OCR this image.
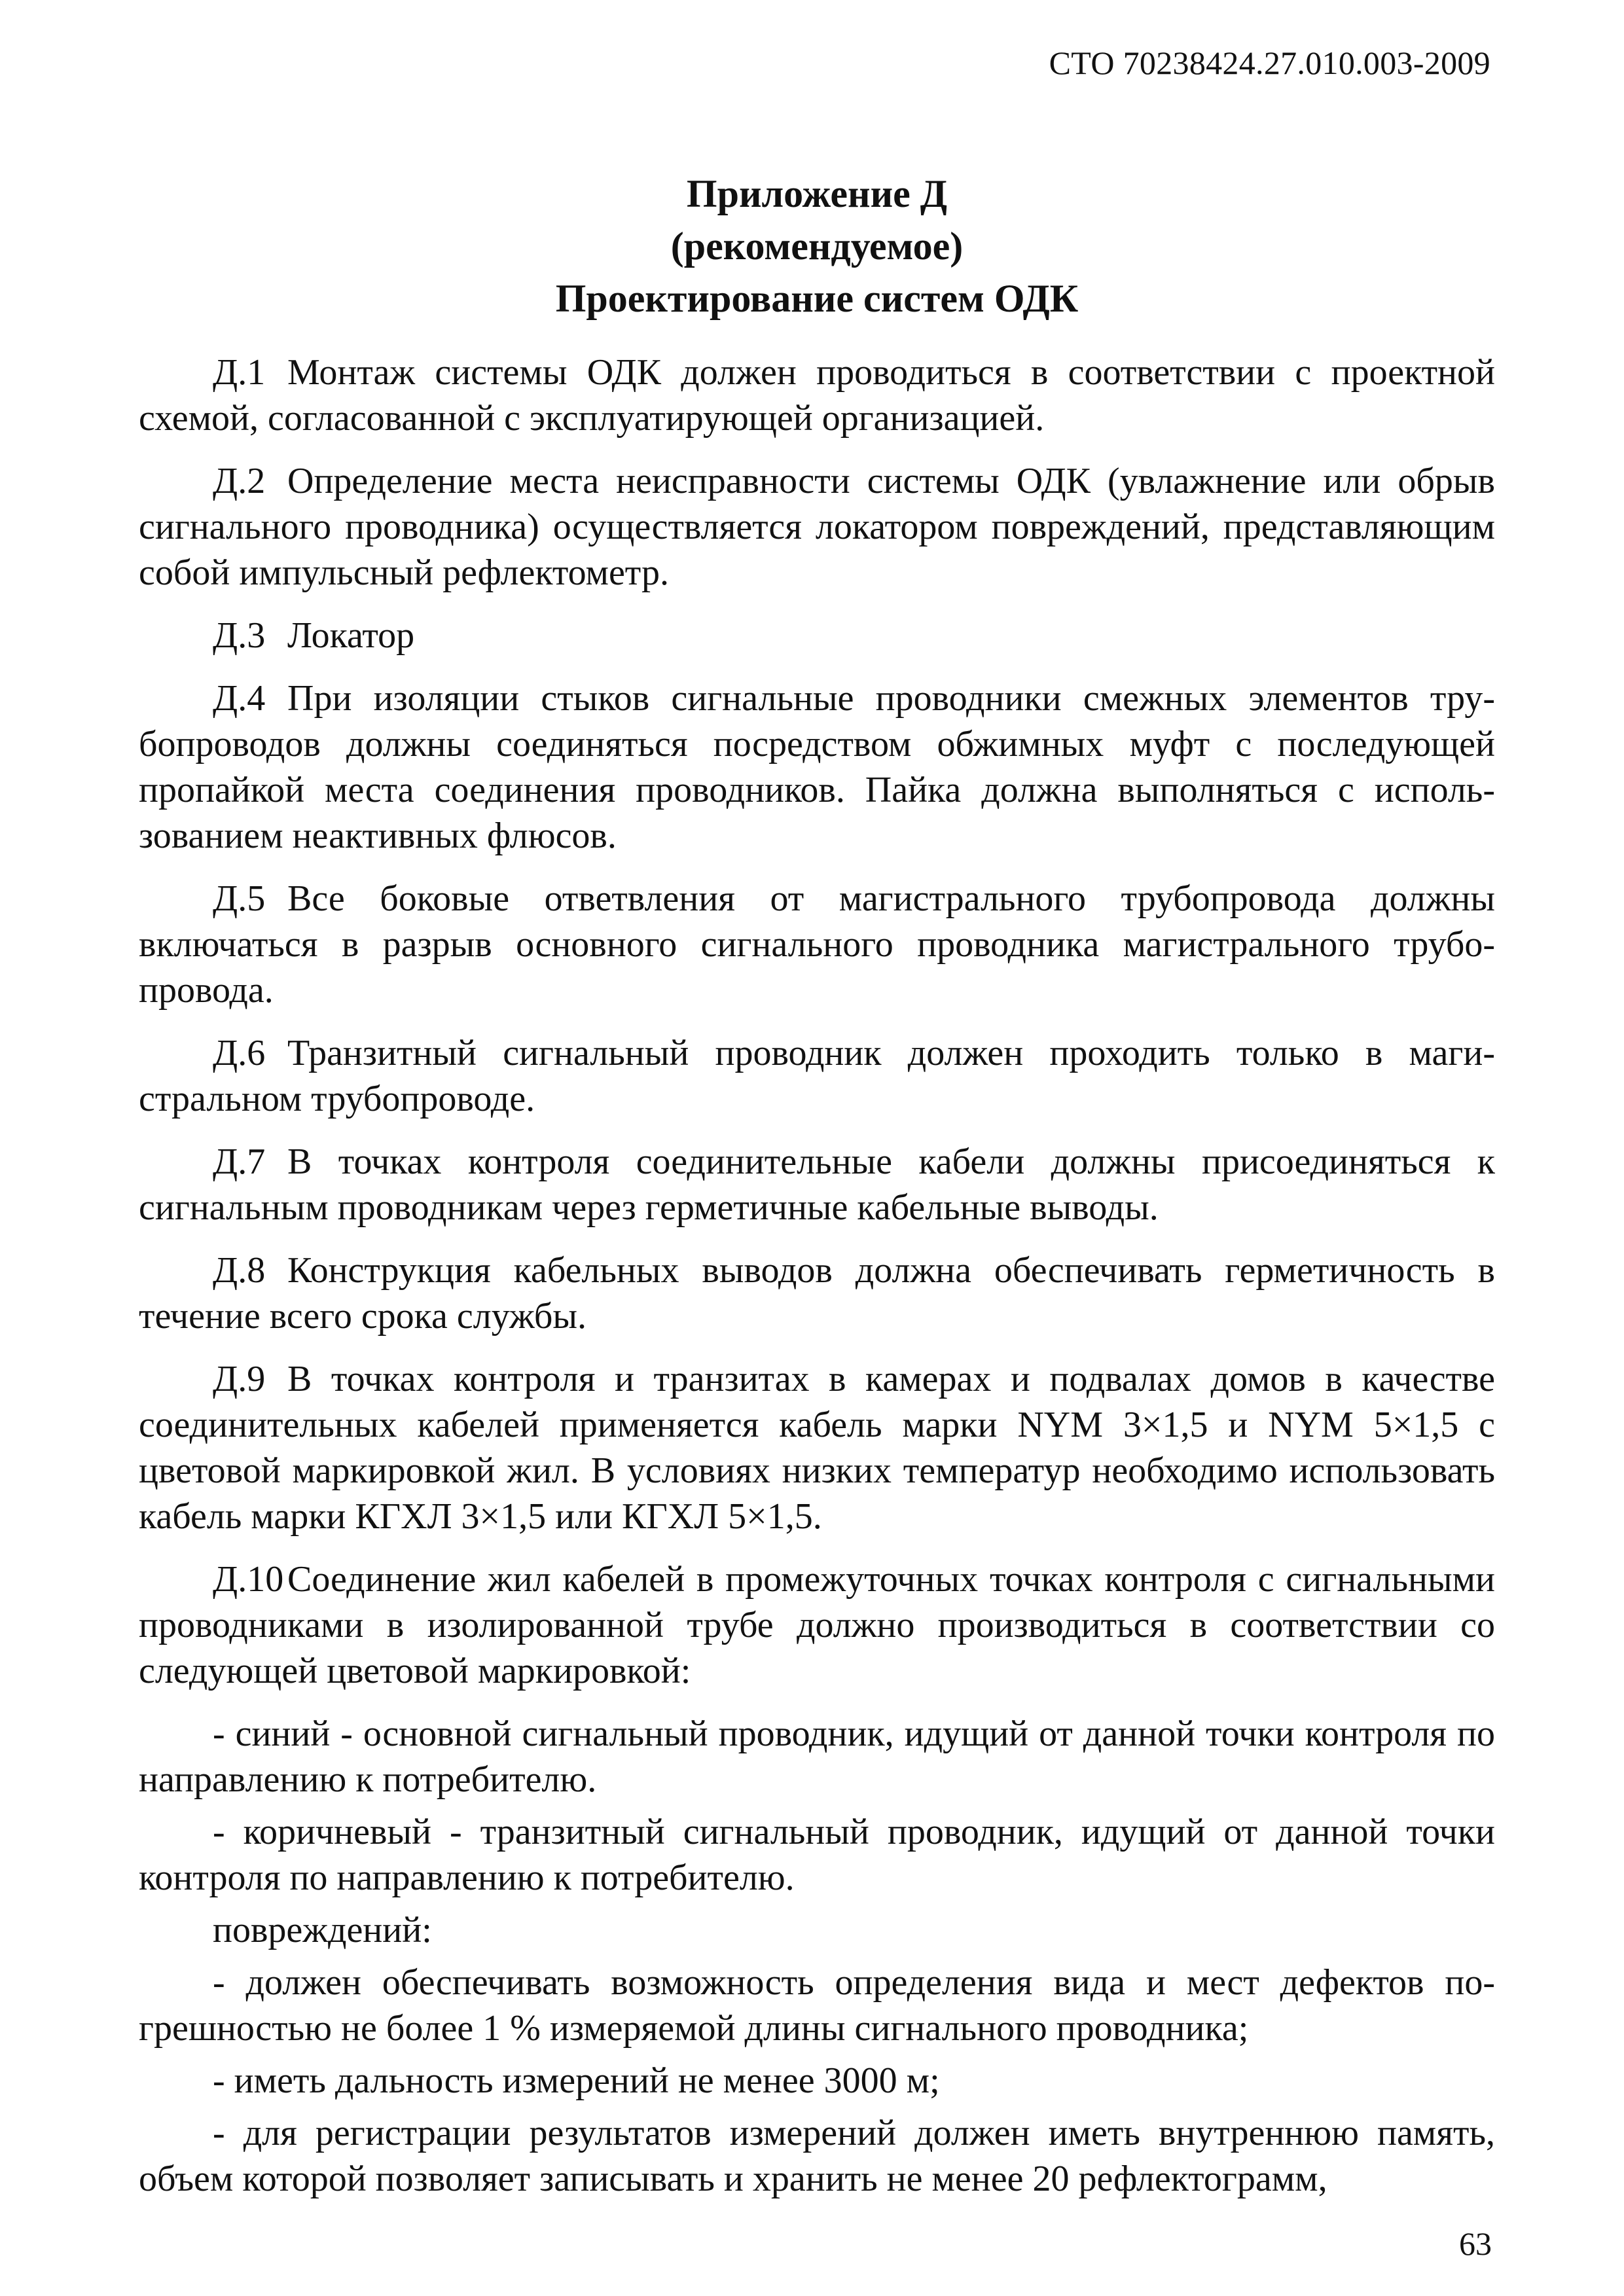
СТО 70238424.27.010.003-2009
Приложение Д
(рекомендуемое)
Проектирование систем ОДК

Д.1 Монтаж системы ОДК должен проводиться в соответствии с проектной схемой, согласованной с эксплуатирующей организацией.

Д.2 Определение места неисправности системы ОДК (увлажнение или обрыв сигнального проводника) осуществляется локатором повреждений, представляющим собой импульсный рефлектометр.

Д.3 Локатор

Д.4 При изоляции стыков сигнальные проводники смежных элементов трубопроводов должны соединяться посредством обжимных муфт с последующей пропайкой места соединения проводников. Пайка должна выполняться с использованием неактивных флюсов.

Д.5 Все боковые ответвления от магистрального трубопровода должны включаться в разрыв основного сигнального проводника магистрального трубопровода.

Д.6 Транзитный сигнальный проводник должен проходить только в магистральном трубопроводе.

Д.7 В точках контроля соединительные кабели должны присоединяться к сигнальным проводникам через герметичные кабельные выводы.

Д.8 Конструкция кабельных выводов должна обеспечивать герметичность в течение всего срока службы.

Д.9 В точках контроля и транзитах в камерах и подвалах домов в качестве соединительных кабелей применяется кабель марки NYM 3×1,5 и NYM 5×1,5 с цветовой маркировкой жил. В условиях низких температур необходимо использовать кабель марки КГХЛ 3×1,5 или КГХЛ 5×1,5.

Д.10 Соединение жил кабелей в промежуточных точках контроля с сигнальными проводниками в изолированной трубе должно производиться в соответствии со следующей цветовой маркировкой:

- синий - основной сигнальный проводник, идущий от данной точки контроля по направлению к потребителю.
- коричневый - транзитный сигнальный проводник, идущий от данной точки контроля по направлению к потребителю.
повреждений:
- должен обеспечивать возможность определения вида и мест дефектов погрешностью не более 1 % измеряемой длины сигнального проводника;
- иметь дальность измерений не менее 3000 м;
- для регистрации результатов измерений должен иметь внутреннюю память, объем которой позволяет записывать и хранить не менее 20 рефлектограмм,
63
